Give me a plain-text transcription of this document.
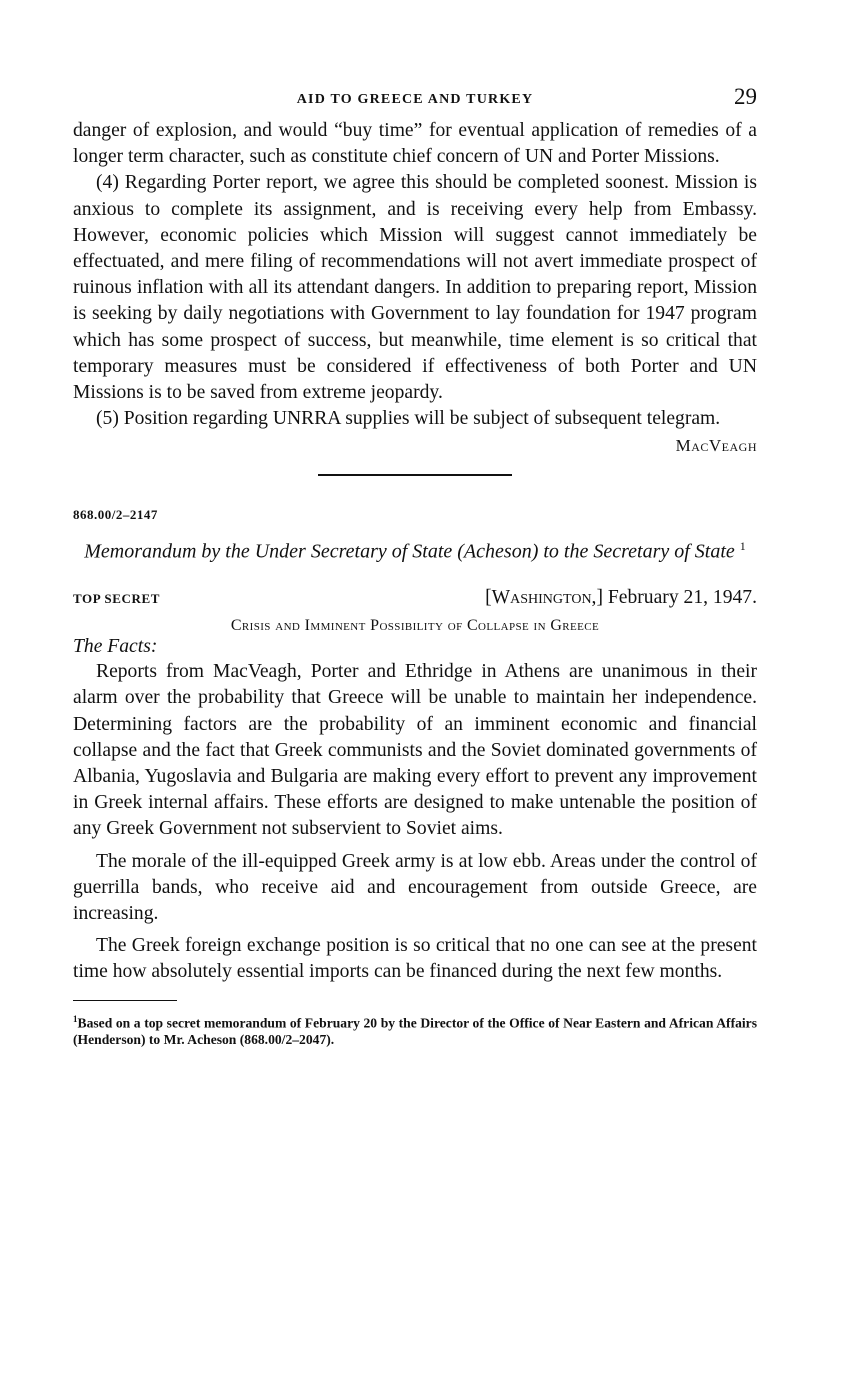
AID TO GREECE AND TURKEY	29

danger of explosion, and would “buy time” for eventual application of remedies of a longer term character, such as constitute chief concern of UN and Porter Missions.

(4) Regarding Porter report, we agree this should be completed soonest. Mission is anxious to complete its assignment, and is receiving every help from Embassy. However, economic policies which Mission will suggest cannot immediately be effectuated, and mere filing of recommendations will not avert immediate prospect of ruinous inflation with all its attendant dangers. In addition to preparing report, Mission is seeking by daily negotiations with Government to lay foundation for 1947 program which has some prospect of success, but meanwhile, time element is so critical that temporary measures must be considered if effectiveness of both Porter and UN Missions is to be saved from extreme jeopardy.

(5) Position regarding UNRRA supplies will be subject of subsequent telegram.

MacVeagh
868.00/2–2147
Memorandum by the Under Secretary of State (Acheson) to the Secretary of State $^1$
TOP SECRET	[Washington,] February 21, 1947.
Crisis and Imminent Possibility of Collapse in Greece
The Facts:

Reports from MacVeagh, Porter and Ethridge in Athens are unanimous in their alarm over the probability that Greece will be unable to maintain her independence. Determining factors are the probability of an imminent economic and financial collapse and the fact that Greek communists and the Soviet dominated governments of Albania, Yugoslavia and Bulgaria are making every effort to prevent any improvement in Greek internal affairs. These efforts are designed to make untenable the position of any Greek Government not subservient to Soviet aims.

The morale of the ill-equipped Greek army is at low ebb. Areas under the control of guerrilla bands, who receive aid and encouragement from outside Greece, are increasing.

The Greek foreign exchange position is so critical that no one can see at the present time how absolutely essential imports can be financed during the next few months.

$^1$Based on a top secret memorandum of February 20 by the Director of the Office of Near Eastern and African Affairs (Henderson) to Mr. Acheson (868.00/2–2047).
